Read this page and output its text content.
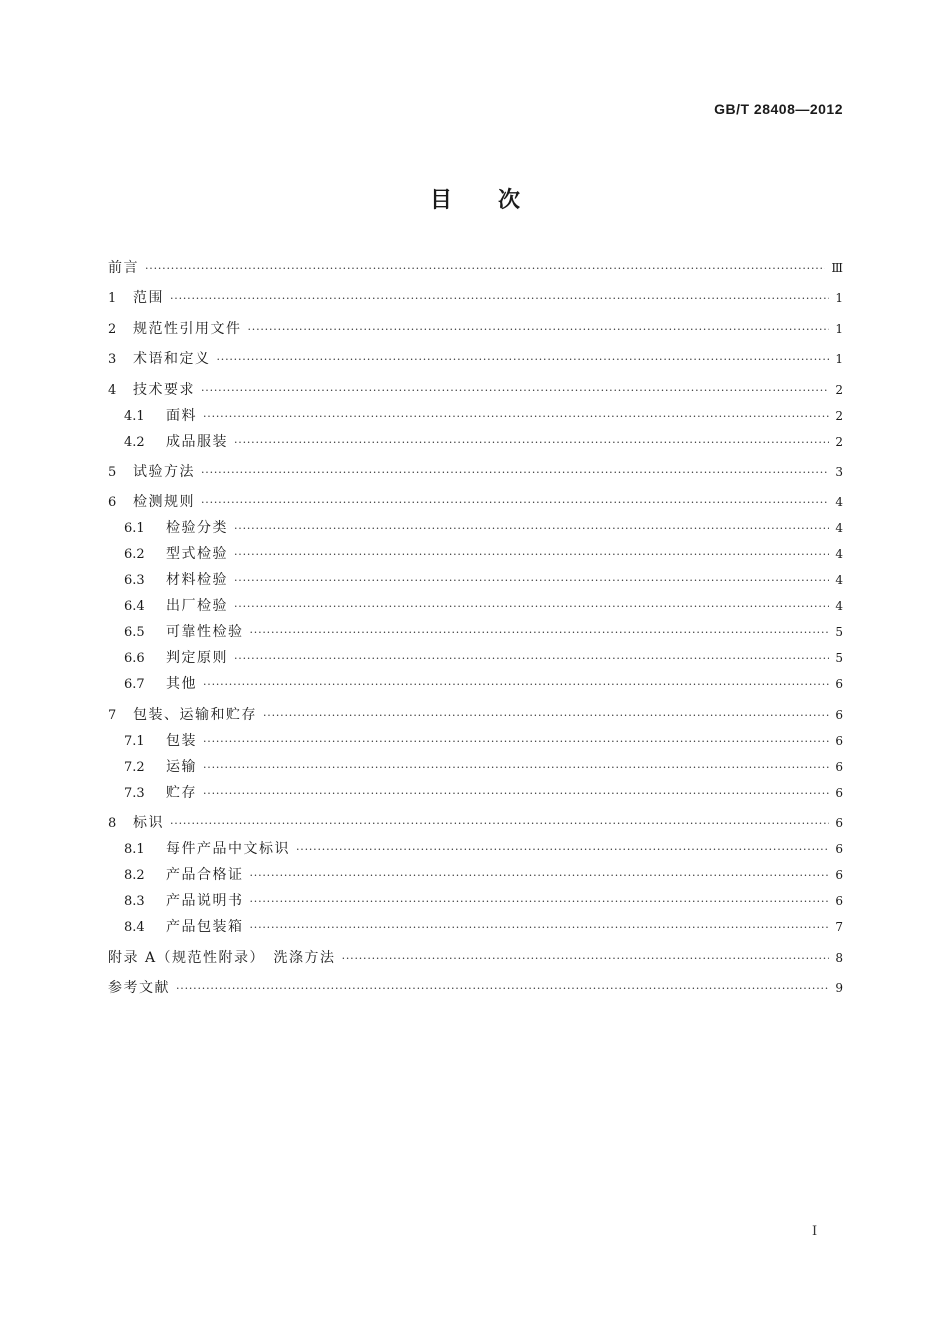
GB/T 28408—2012
目次
前言 ·····	Ⅲ
1	范围 ·····	1
2	规范性引用文件 ·····	1
3	术语和定义 ·····	1
4	技术要求 ·····	2
4.1	面料 ·····	2
4.2	成品服装 ·····	2
5	试验方法 ·····	3
6	检测规则 ·····	4
6.1	检验分类 ·····	4
6.2	型式检验 ·····	4
6.3	材料检验 ·····	4
6.4	出厂检验 ·····	4
6.5	可靠性检验 ·····	5
6.6	判定原则 ·····	5
6.7	其他 ·····	6
7	包装、运输和贮存 ·····	6
7.1	包装 ·····	6
7.2	运输 ·····	6
7.3	贮存 ·····	6
8	标识 ·····	6
8.1	每件产品中文标识 ·····	6
8.2	产品合格证 ·····	6
8.3	产品说明书 ·····	6
8.4	产品包装箱 ·····	7
附录 A（规范性附录）　洗涤方法 ·····	8
参考文献 ·····	9
Ⅰ
